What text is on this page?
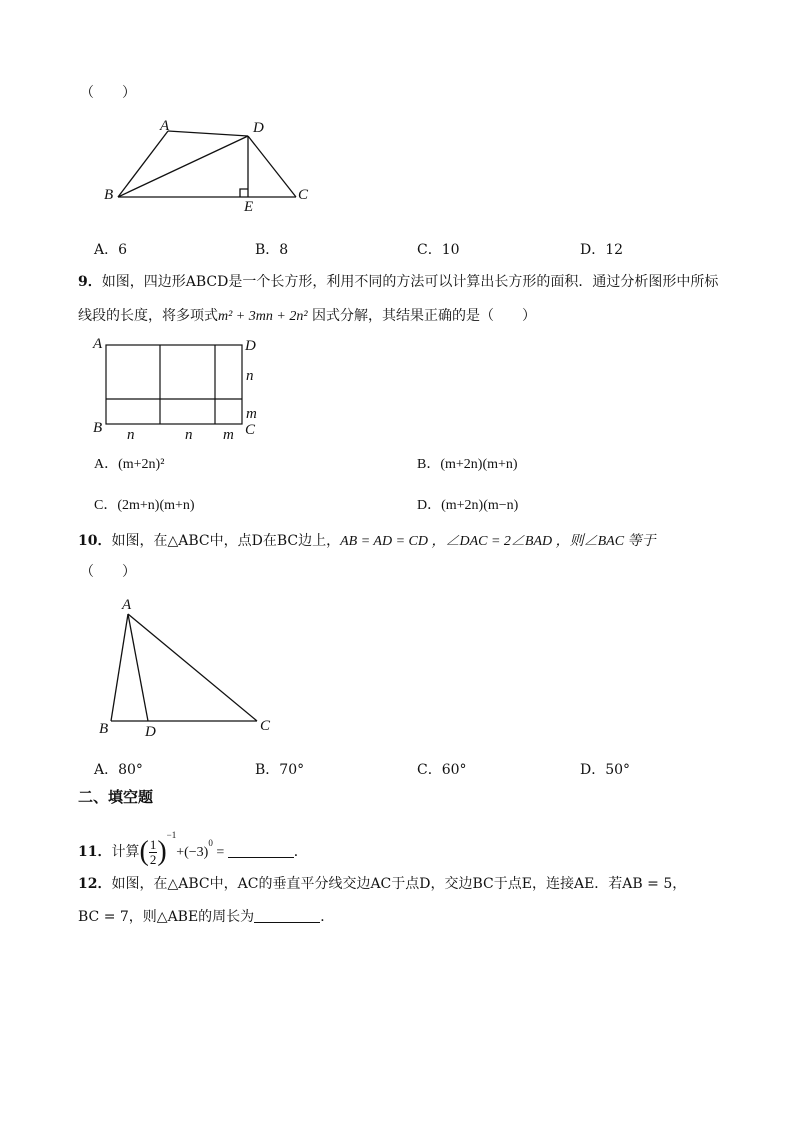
（　　）
A	D
B	C
E
A．6	B．8	C．10	D．12
9．如图，四边形ABCD是一个长方形，利用不同的方法可以计算出长方形的面积．通过分析图形中所标
线段的长度，将多项式m² + 3mn + 2n² 因式分解，其结果正确的是（　　）
A	D
n
m
C
B n	n m
A．(m+2n)²	B．(m+2n)(m+n)
C．(2m+n)(m+n)	D．(m+2n)(m−n)
10．如图，在△ABC中，点D在BC边上，AB = AD = CD ，∠DAC = 2∠BAD ，则∠BAC 等于
（　　）
A
B D	C
A．80°	B．70°	C．60°	D．50°
二、填空题
11．计算( $\frac{1}{2} )^{-1}+(-3)^0$ =	．
12．如图，在△ABC中，AC的垂直平分线交边AC于点D，交边BC于点E，连接AE．若AB = 5，
BC = 7，则△ABE的周长为	．
